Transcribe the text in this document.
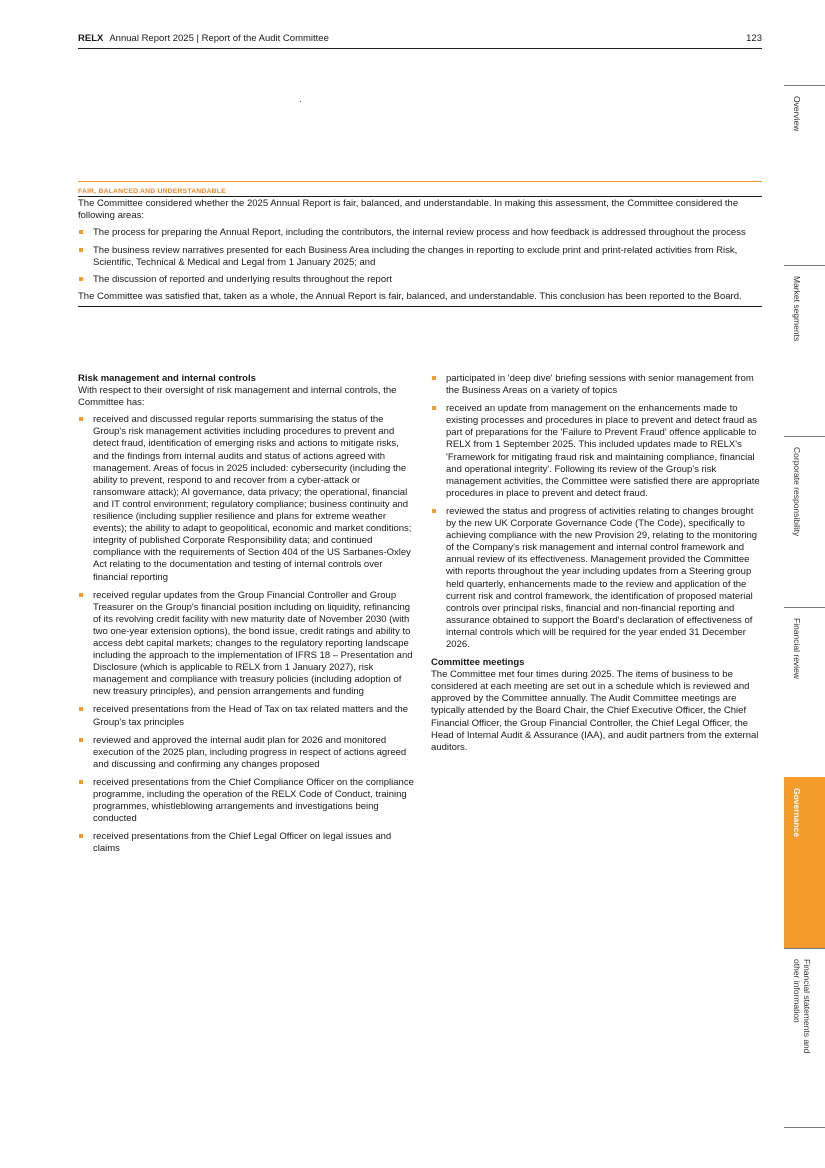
RELX Annual Report 2025 | Report of the Audit Committee	123
FAIR, BALANCED AND UNDERSTANDABLE

The Committee considered whether the 2025 Annual Report is fair, balanced, and understandable. In making this assessment, the Committee considered the following areas:

The process for preparing the Annual Report, including the contributors, the internal review process and how feedback is addressed throughout the process
The business review narratives presented for each Business Area including the changes in reporting to exclude print and print-related activities from Risk, Scientific, Technical & Medical and Legal from 1 January 2025; and
The discussion of reported and underlying results throughout the report

The Committee was satisfied that, taken as a whole, the Annual Report is fair, balanced, and understandable. This conclusion has been reported to the Board.

Risk management and internal controls

With respect to their oversight of risk management and internal controls, the Committee has:

received and discussed regular reports summarising the status of the Group's risk management activities including procedures to prevent and detect fraud, identification of emerging risks and actions to mitigate risks, and the findings from internal audits and status of actions agreed with management. Areas of focus in 2025 included: cybersecurity (including the ability to prevent, respond to and recover from a cyber-attack or ransomware attack); AI governance, data privacy; the operational, financial and IT control environment; regulatory compliance; business continuity and resilience (including supplier resilience and plans for extreme weather events); the ability to adapt to geopolitical, economic and market conditions; integrity of published Corporate Responsibility data; and continued compliance with the requirements of Section 404 of the US Sarbanes-Oxley Act relating to the documentation and testing of internal controls over financial reporting
received regular updates from the Group Financial Controller and Group Treasurer on the Group's financial position including on liquidity, refinancing of its revolving credit facility with new maturity date of November 2030 (with two one-year extension options), the bond issue, credit ratings and ability to access debt capital markets; changes to the regulatory reporting landscape including the approach to the implementation of IFRS 18 – Presentation and Disclosure (which is applicable to RELX from 1 January 2027), risk management and compliance with treasury policies (including adoption of new treasury principles), and pension arrangements and funding
received presentations from the Head of Tax on tax related matters and the Group's tax principles
reviewed and approved the internal audit plan for 2026 and monitored execution of the 2025 plan, including progress in respect of actions agreed and discussing and confirming any changes proposed
received presentations from the Chief Compliance Officer on the compliance programme, including the operation of the RELX Code of Conduct, training programmes, whistleblowing arrangements and investigations being conducted
received presentations from the Chief Legal Officer on legal issues and claims
participated in 'deep dive' briefing sessions with senior management from the Business Areas on a variety of topics
received an update from management on the enhancements made to existing processes and procedures in place to prevent and detect fraud as part of preparations for the 'Failure to Prevent Fraud' offence applicable to RELX from 1 September 2025. This included updates made to RELX's 'Framework for mitigating fraud risk and maintaining compliance, financial and operational integrity'. Following its review of the Group's risk management activities, the Committee were satisfied there are appropriate procedures in place to prevent and detect fraud.
reviewed the status and progress of activities relating to changes brought by the new UK Corporate Governance Code (The Code), specifically to achieving compliance with the new Provision 29, relating to the monitoring of the Company's risk management and internal control framework and annual review of its effectiveness. Management provided the Committee with reports throughout the year including updates from a Steering group held quarterly, enhancements made to the review and application of the current risk and control framework, the identification of proposed material controls over principal risks, financial and non-financial reporting and assurance obtained to support the Board's declaration of effectiveness of internal controls which will be required for the year ended 31 December 2026.
Committee meetings

The Committee met four times during 2025. The items of business to be considered at each meeting are set out in a schedule which is reviewed and approved by the Committee annually. The Audit Committee meetings are typically attended by the Board Chair, the Chief Executive Officer, the Chief Financial Officer, the Group Financial Controller, the Chief Legal Officer, the Head of Internal Audit & Assurance (IAA), and audit partners from the external auditors.

Overview
Market segments
Corporate responsibility
Financial review
Governance
Financial statements and other information
